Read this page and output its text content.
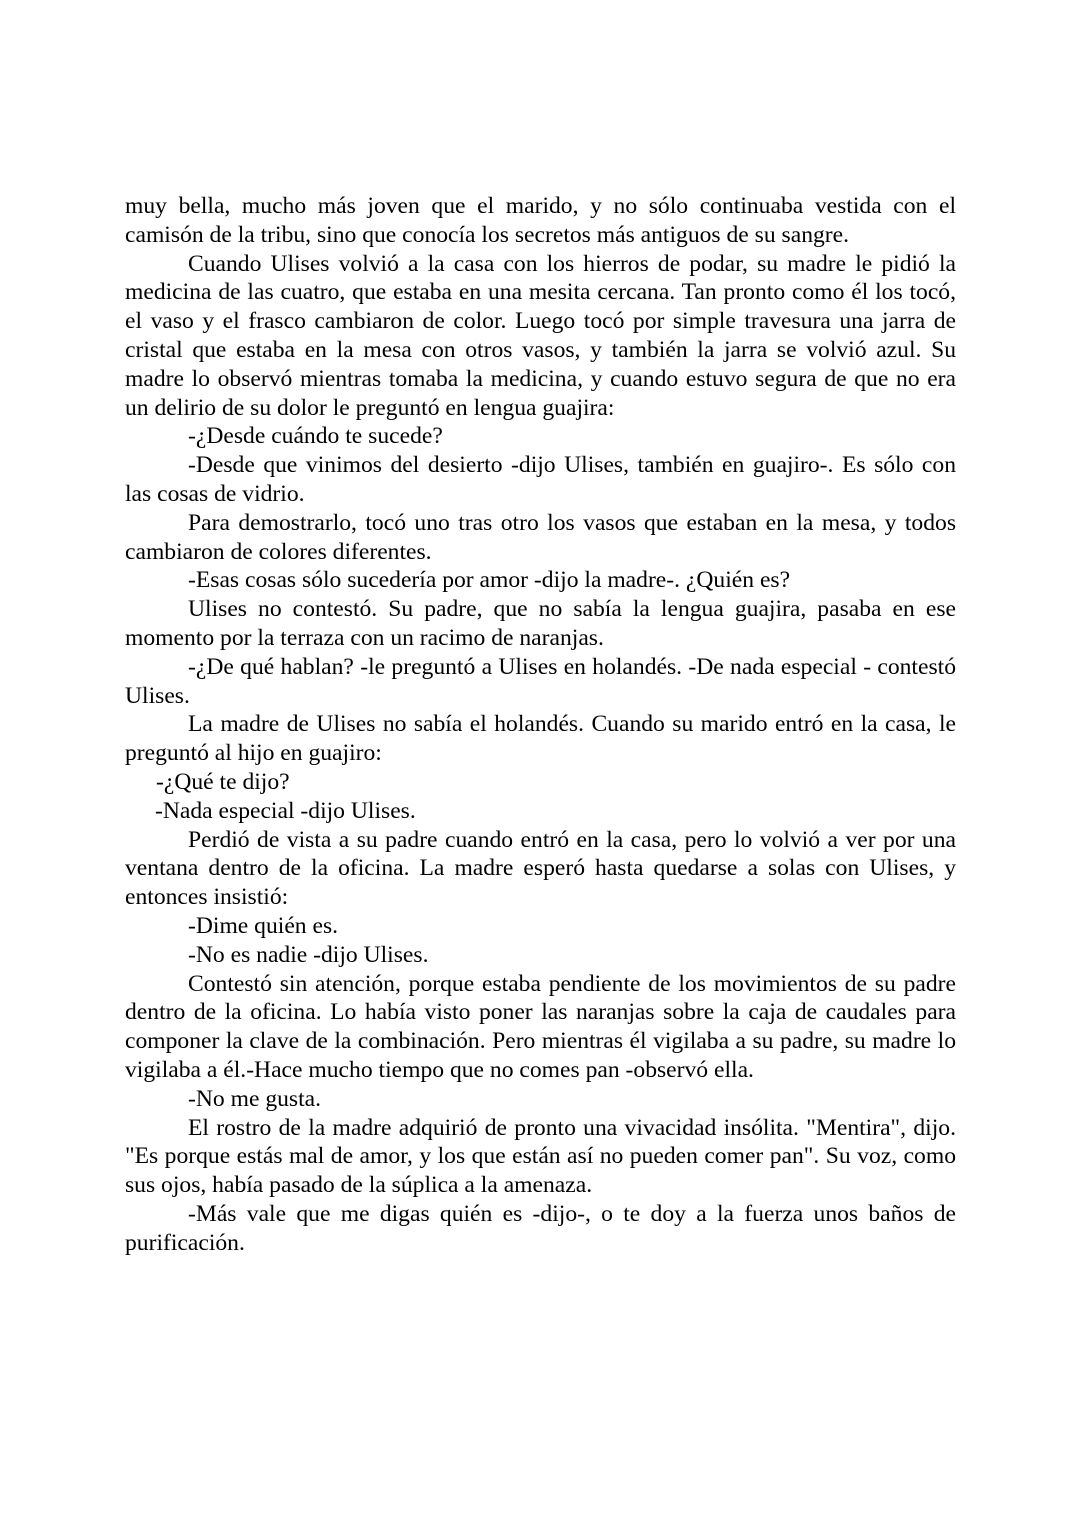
muy bella, mucho más joven que el marido, y no sólo continuaba vestida con el camisón de la tribu, sino que conocía los secretos más antiguos de su sangre.

Cuando Ulises volvió a la casa con los hierros de podar, su madre le pidió la medicina de las cuatro, que estaba en una mesita cercana. Tan pronto como él los tocó, el vaso y el frasco cambiaron de color. Luego tocó por simple travesura una jarra de cristal que estaba en la mesa con otros vasos, y también la jarra se volvió azul. Su madre lo observó mientras tomaba la medicina, y cuando estuvo segura de que no era un delirio de su dolor le preguntó en lengua guajira:

-¿Desde cuándo te sucede?

-Desde que vinimos del desierto -dijo Ulises, también en guajiro-. Es sólo con las cosas de vidrio.

Para demostrarlo, tocó uno tras otro los vasos que estaban en la mesa, y todos cambiaron de colores diferentes.

-Esas cosas sólo sucedería por amor -dijo la madre-. ¿Quién es?

Ulises no contestó. Su padre, que no sabía la lengua guajira, pasaba en ese momento por la terraza con un racimo de naranjas.

-¿De qué hablan? -le preguntó a Ulises en holandés. -De nada especial - contestó Ulises.

La madre de Ulises no sabía el holandés. Cuando su marido entró en la casa, le preguntó al hijo en guajiro:

-¿Qué te dijo?

-Nada especial -dijo Ulises.

Perdió de vista a su padre cuando entró en la casa, pero lo volvió a ver por una ventana dentro de la oficina. La madre esperó hasta quedarse a solas con Ulises, y entonces insistió:

-Dime quién es.

-No es nadie -dijo Ulises.

Contestó sin atención, porque estaba pendiente de los movimientos de su padre dentro de la oficina. Lo había visto poner las naranjas sobre la caja de caudales para componer la clave de la combinación. Pero mientras él vigilaba a su padre, su madre lo vigilaba a él.-Hace mucho tiempo que no comes pan -observó ella.

-No me gusta.

El rostro de la madre adquirió de pronto una vivacidad insólita. "Mentira", dijo. "Es porque estás mal de amor, y los que están así no pueden comer pan". Su voz, como sus ojos, había pasado de la súplica a la amenaza.

-Más vale que me digas quién es -dijo-, o te doy a la fuerza unos baños de purificación.
